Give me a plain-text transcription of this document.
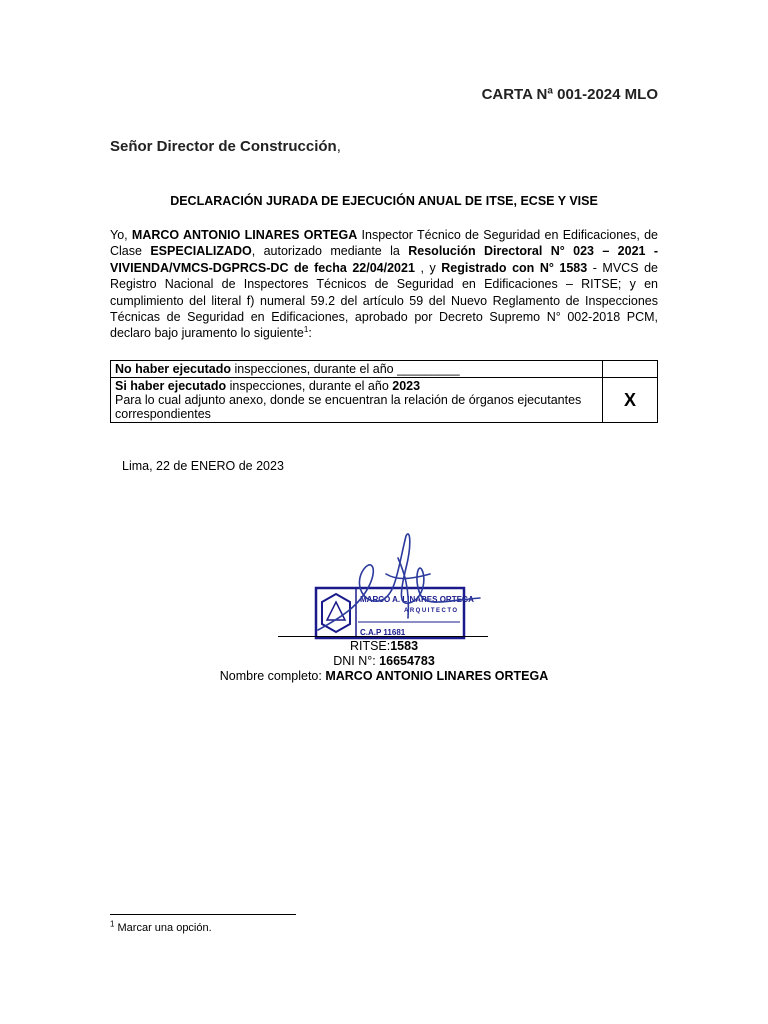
CARTA Nª 001-2024 MLO
Señor Director de Construcción,
DECLARACIÓN JURADA DE EJECUCIÓN ANUAL DE ITSE, ECSE Y VISE
Yo, MARCO ANTONIO LINARES ORTEGA Inspector Técnico de Seguridad en Edificaciones, de Clase ESPECIALIZADO, autorizado mediante la Resolución Directoral N° 023 – 2021 - VIVIENDA/VMCS-DGPRCS-DC de fecha 22/04/2021 , y Registrado con N° 1583 - MVCS de Registro Nacional de Inspectores Técnicos de Seguridad en Edificaciones – RITSE; y en cumplimiento del literal f) numeral 59.2 del artículo 59 del Nuevo Reglamento de Inspecciones Técnicas de Seguridad en Edificaciones, aprobado por Decreto Supremo N° 002-2018 PCM, declaro bajo juramento lo siguiente$^1$:
No haber ejecutado inspecciones, durante el año _________	
Si haber ejecutado inspecciones, durante el año 2023
Para lo cual adjunto anexo, donde se encuentran la relación de órganos ejecutantes correspondientes	X
Lima, 22 de ENERO de 2023
MARCO A. LINARES ORTEGA
ARQUITECTO
C.A.P 11681
RITSE:1583
DNI N°: 16654783
Nombre completo: MARCO ANTONIO LINARES ORTEGA
$^1$ Marcar una opción.
